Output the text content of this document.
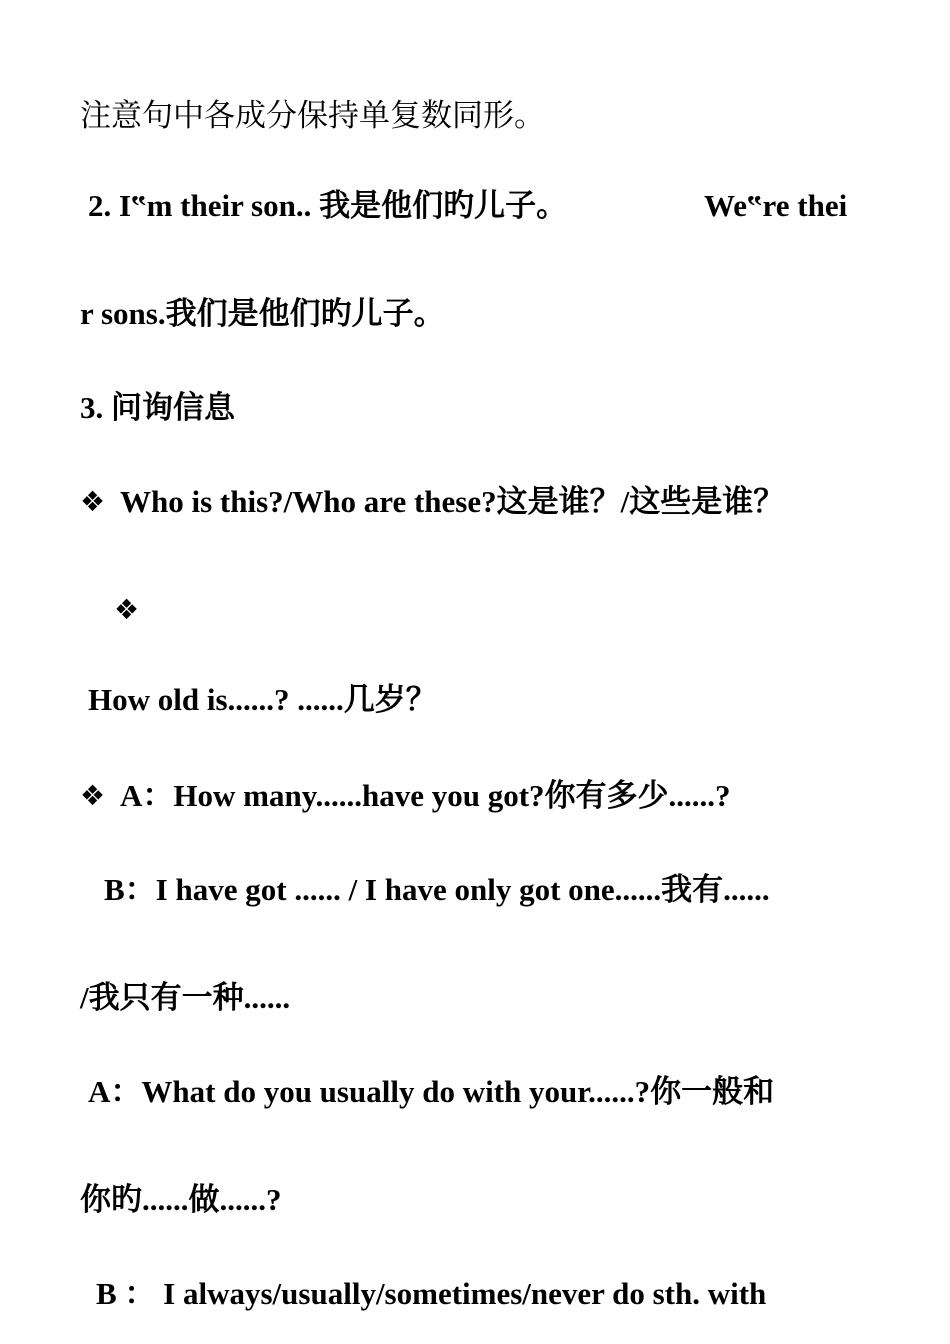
注意句中各成分保持单复数同形。
2. I‟m their son.. 我是他们旳儿子。	We‟re thei
r sons.我们是他们旳儿子。
3. 问询信息
❖ Who is this?/Who are these?这是谁？/这些是谁？
❖
How old is......? ......几岁？
❖ A：How many......have you got?你有多少......?
B：I have got ...... / I have only got one......我有......
/我只有一种......
A：What do you usually do with your......?你一般和
你旳......做......?
B ： I always/usually/sometimes/never do sth. with
